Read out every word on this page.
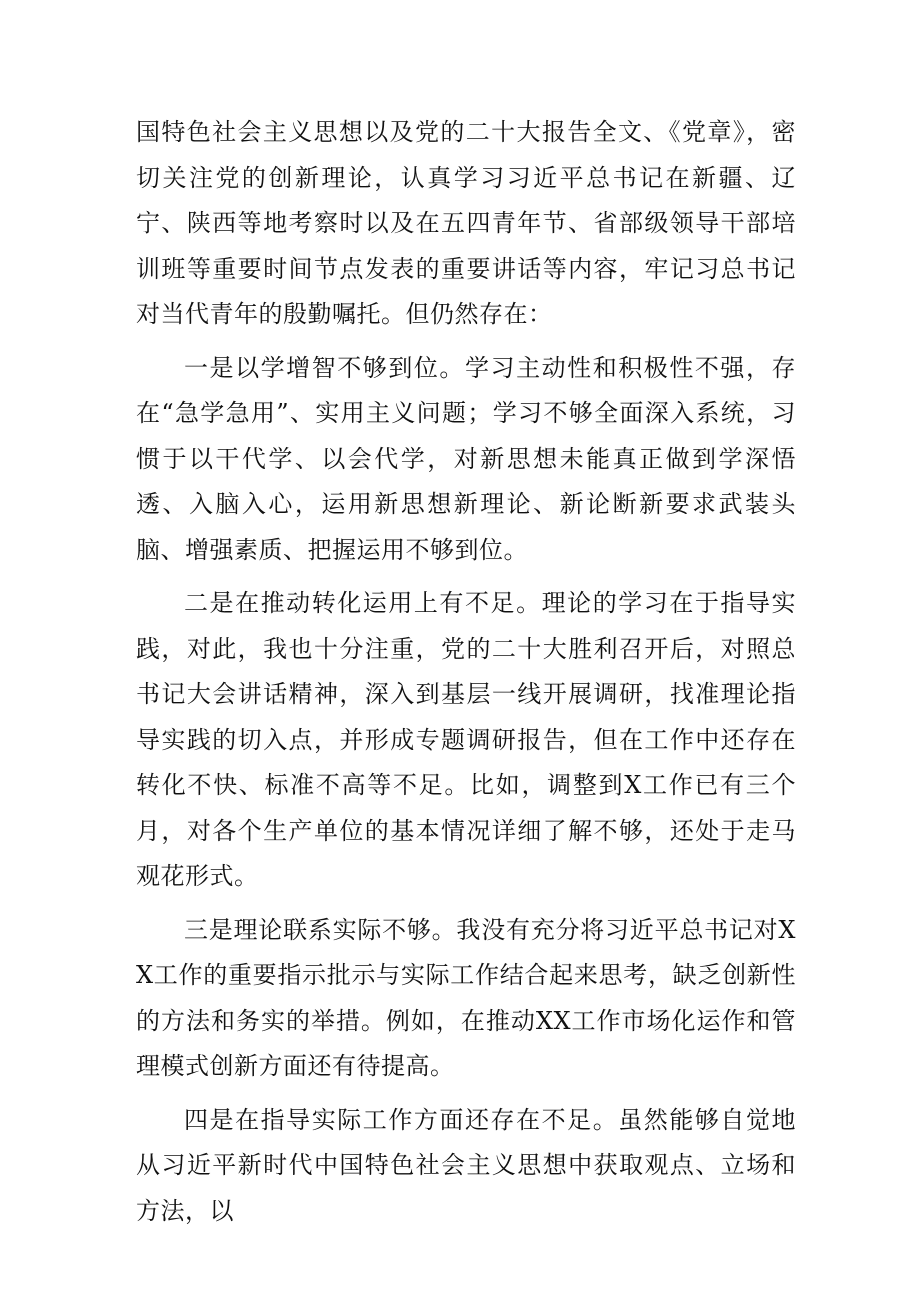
国特色社会主义思想以及党的二十大报告全文、《党章》，密切关注党的创新理论，认真学习习近平总书记在新疆、辽宁、陕西等地考察时以及在五四青年节、省部级领导干部培训班等重要时间节点发表的重要讲话等内容，牢记习总书记对当代青年的殷勤嘱托。但仍然存在：

一是以学增智不够到位。学习主动性和积极性不强，存在“急学急用”、实用主义问题；学习不够全面深入系统，习惯于以干代学、以会代学，对新思想未能真正做到学深悟透、入脑入心，运用新思想新理论、新论断新要求武装头脑、增强素质、把握运用不够到位。

二是在推动转化运用上有不足。理论的学习在于指导实践，对此，我也十分注重，党的二十大胜利召开后，对照总书记大会讲话精神，深入到基层一线开展调研，找准理论指导实践的切入点，并形成专题调研报告，但在工作中还存在转化不快、标准不高等不足。比如，调整到X工作已有三个月，对各个生产单位的基本情况详细了解不够，还处于走马观花形式。

三是理论联系实际不够。我没有充分将习近平总书记对XX工作的重要指示批示与实际工作结合起来思考，缺乏创新性的方法和务实的举措。例如，在推动XX工作市场化运作和管理模式创新方面还有待提高。

四是在指导实际工作方面还存在不足。虽然能够自觉地从习近平新时代中国特色社会主义思想中获取观点、立场和方法，以
